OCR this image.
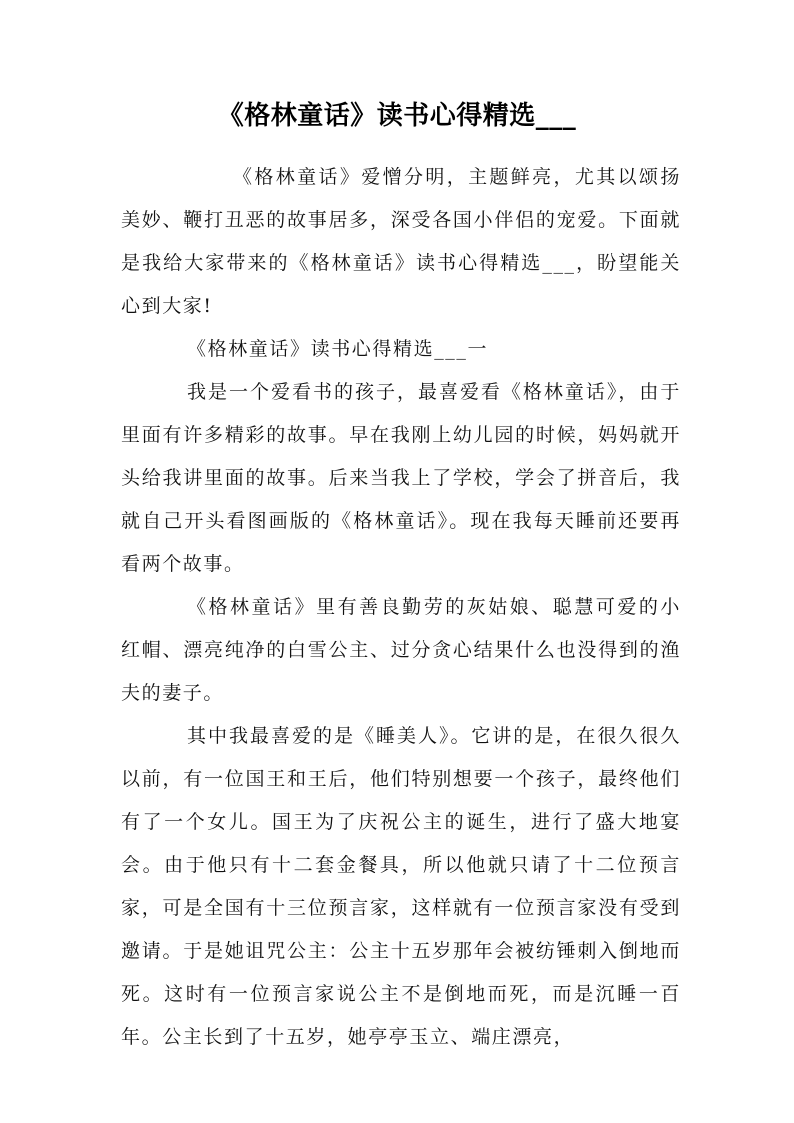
《格林童话》读书心得精选___

《格林童话》爱憎分明，主题鲜亮，尤其以颂扬美妙、鞭打丑恶的故事居多，深受各国小伴侣的宠爱。下面就是我给大家带来的《格林童话》读书心得精选___，盼望能关心到大家!

《格林童话》读书心得精选___一

我是一个爱看书的孩子，最喜爱看《格林童话》，由于里面有许多精彩的故事。早在我刚上幼儿园的时候，妈妈就开头给我讲里面的故事。后来当我上了学校，学会了拼音后，我就自己开头看图画版的《格林童话》。现在我每天睡前还要再看两个故事。

《格林童话》里有善良勤劳的灰姑娘、聪慧可爱的小红帽、漂亮纯净的白雪公主、过分贪心结果什么也没得到的渔夫的妻子。

其中我最喜爱的是《睡美人》。它讲的是，在很久很久以前，有一位国王和王后，他们特别想要一个孩子，最终他们有了一个女儿。国王为了庆祝公主的诞生，进行了盛大地宴会。由于他只有十二套金餐具，所以他就只请了十二位预言家，可是全国有十三位预言家，这样就有一位预言家没有受到邀请。于是她诅咒公主：公主十五岁那年会被纺锤刺入倒地而死。这时有一位预言家说公主不是倒地而死，而是沉睡一百年。公主长到了十五岁，她亭亭玉立、端庄漂亮，
